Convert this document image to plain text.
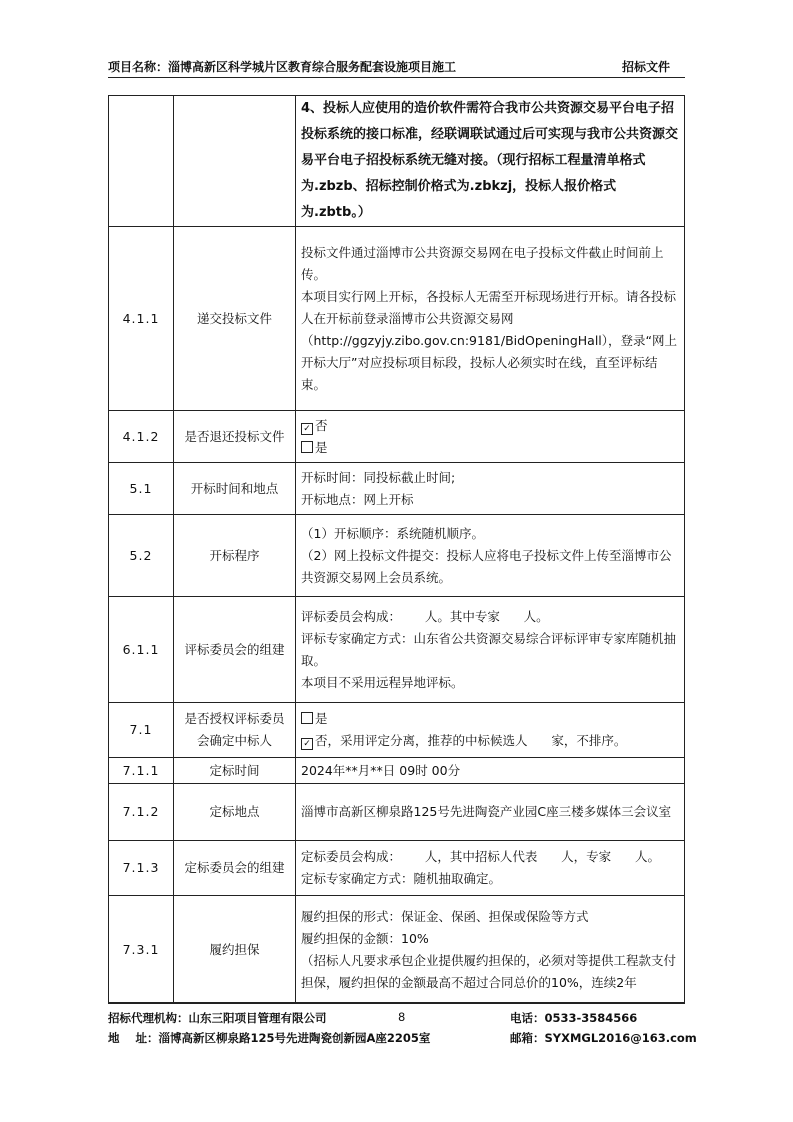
项目名称：淄博高新区科学城片区教育综合服务配套设施项目施工	招标文件

		4、投标人应使用的造价软件需符合我市公共资源交易平台电子招投标系统的接口标准，经联调联试通过后可实现与我市公共资源交易平台电子招投标系统无缝对接。（现行招标工程量清单格式为.zbzb、招标控制价格式为.zbkzj，投标人报价格式为.zbtb。）

4.1.1	递交投标文件	投标文件通过淄博市公共资源交易网在电子投标文件截止时间前上传。
本项目实行网上开标，各投标人无需至开标现场进行开标。请各投标人在开标前登录淄博市公共资源交易网（http://ggzyjy.zibo.gov.cn:9181/BidOpeningHall），登录“网上开标大厅”对应投标项目标段，投标人必须实时在线，直至评标结束。

4.1.2	是否退还投标文件	✓ 否
是

5.1	开标时间和地点	开标时间：同投标截止时间;
开标地点：网上开标

5.2	开标程序	（1）开标顺序：系统随机顺序。
（2）网上投标文件提交：投标人应将电子投标文件上传至淄博市公共资源交易网上会员系统。

6.1.1	评标委员会的组建	评标委员会构成：      人。其中专家      人。
评标专家确定方式：山东省公共资源交易综合评标评审专家库随机抽取。
本项目不采用远程异地评标。

7.1	是否授权评标委员会确定中标人	是
✓ 否，采用评定分离，推荐的中标候选人      家，不排序。

7.1.1	定标时间	2024年**月**日 09时 00分
7.1.2	定标地点	淄博市高新区柳泉路125号先进陶瓷产业园C座三楼多媒体三会议室
7.1.3	定标委员会的组建	定标委员会构成：      人，其中招标人代表      人，专家      人。
定标专家确定方式：随机抽取确定。

7.3.1	履约担保	履约担保的形式：保证金、保函、担保或保险等方式
履约担保的金额：10%
（招标人凡要求承包企业提供履约担保的，必须对等提供工程款支付担保，履约担保的金额最高不超过合同总价的10%，连续2年
招标代理机构：山东三阳项目管理有限公司	8	电话：0533-3584566
地    址：淄博高新区柳泉路125号先进陶瓷创新园A座2205室	邮箱：SYXMGL2016@163.com
